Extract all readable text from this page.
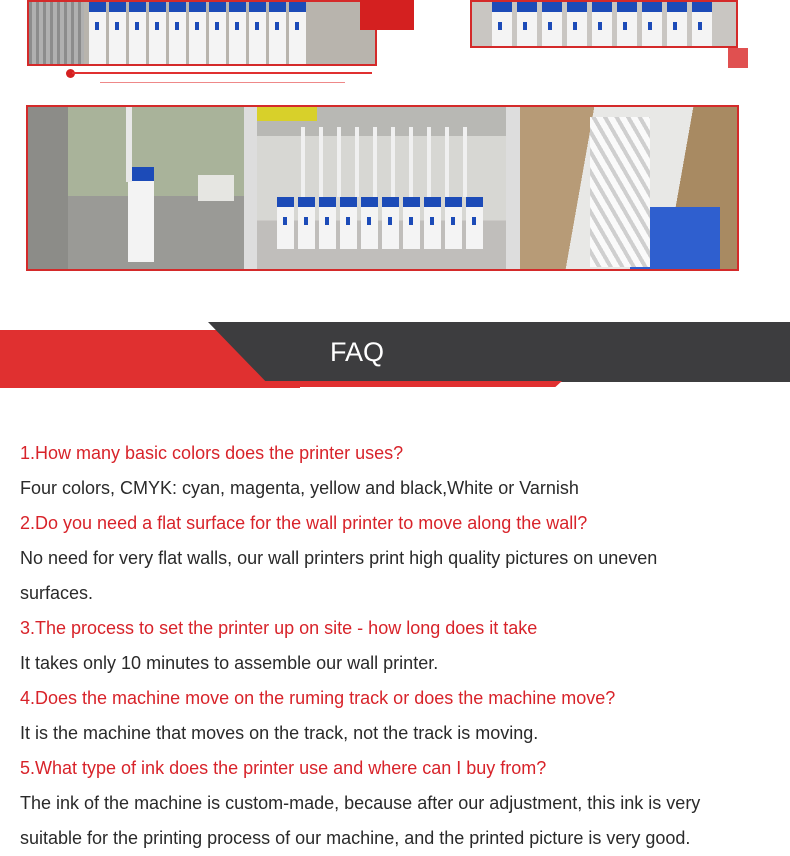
FAQ
1.How many basic colors does the printer uses?
Four colors, CMYK: cyan, magenta, yellow and black,White or Varnish
2.Do you need a flat surface for the wall printer to move along the wall?
No need for very flat walls, our wall printers print high quality pictures on uneven
surfaces.
3.The process to set the printer up on site - how long does it take
It takes only 10 minutes to assemble our wall printer.
4.Does the machine move on the ruming track or does the machine move?
It is the machine that moves on the track, not the track is moving.
5.What type of ink does the printer use and where can I buy from?
The ink of the machine is custom-made, because after our adjustment, this ink is very
suitable for the printing process of our machine, and the printed picture is very good.
